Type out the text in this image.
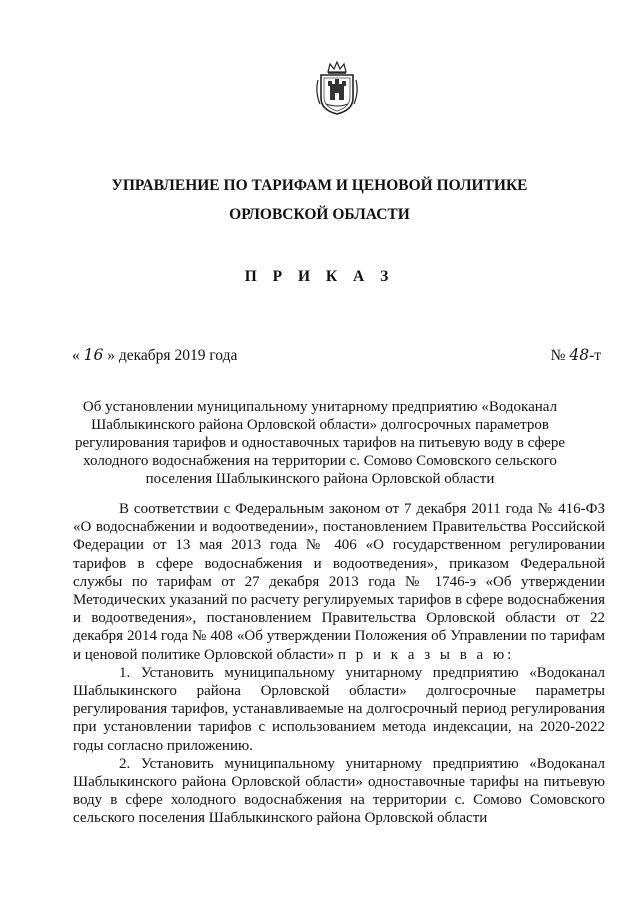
УПРАВЛЕНИЕ ПО ТАРИФАМ И ЦЕНОВОЙ ПОЛИТИКЕ
ОРЛОВСКОЙ ОБЛАСТИ
П Р И К А З
« 16 » декабря 2019 года	№ 48-т
Об установлении муниципальному унитарному предприятию «Водоканал
Шаблыкинского района Орловской области» долгосрочных параметров
регулирования тарифов и одноставочных тарифов на питьевую воду в сфере
холодного водоснабжения на территории с. Сомово Сомовского сельского
поселения Шаблыкинского района Орловской области

В соответствии с Федеральным законом от 7 декабря 2011 года № 416-ФЗ «О водоснабжении и водоотведении», постановлением Правительства Российской Федерации от 13 мая 2013 года № 406 «О государственном регулировании тарифов в сфере водоснабжения и водоотведения», приказом Федеральной службы по тарифам от 27 декабря 2013 года № 1746-э «Об утверждении Методических указаний по расчету регулируемых тарифов в сфере водоснабжения и водоотведения», постановлением Правительства Орловской области от 22 декабря 2014 года № 408 «Об утверждении Положения об Управлении по тарифам и ценовой политике Орловской области» п р и к а з ы в а ю:

1. Установить муниципальному унитарному предприятию «Водоканал Шаблыкинского района Орловской области» долгосрочные параметры регулирования тарифов, устанавливаемые на долгосрочный период регулирования при установлении тарифов с использованием метода индексации, на 2020-2022 годы согласно приложению.

2. Установить муниципальному унитарному предприятию «Водоканал Шаблыкинского района Орловской области» одноставочные тарифы на питьевую воду в сфере холодного водоснабжения на территории с. Сомово Сомовского сельского поселения Шаблыкинского района Орловской области
